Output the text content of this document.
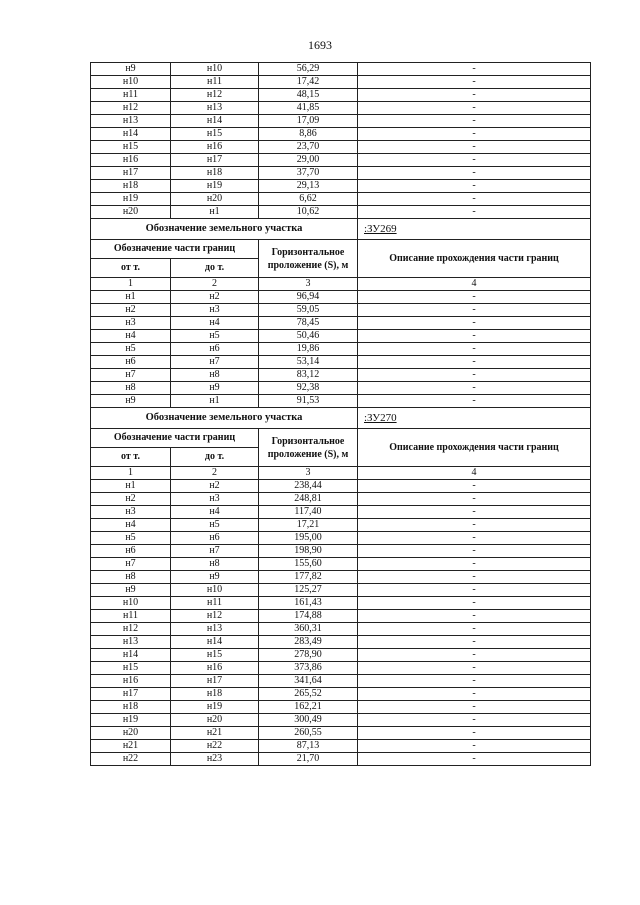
1693
н9	н10	56,29	-
н10	н11	17,42	-
н11	н12	48,15	-
н12	н13	41,85	-
н13	н14	17,09	-
н14	н15	8,86	-
н15	н16	23,70	-
н16	н17	29,00	-
н17	н18	37,70	-
н18	н19	29,13	-
н19	н20	6,62	-
н20	н1	10,62	-
Обозначение земельного участка			:ЗУ269
Обозначение части границ		Горизонтальное проложение (S), м	Описание прохождения части границ
от т.	до т.		
1	2	3	4
н1	н2	96,94	-
н2	н3	59,05	-
н3	н4	78,45	-
н4	н5	50,46	-
н5	н6	19,86	-
н6	н7	53,14	-
н7	н8	83,12	-
н8	н9	92,38	-
н9	н1	91,53	-
Обозначение земельного участка			:ЗУ270
Обозначение части границ		Горизонтальное проложение (S), м	Описание прохождения части границ
от т.	до т.		
1	2	3	4
н1	н2	238,44	-
н2	н3	248,81	-
н3	н4	117,40	-
н4	н5	17,21	-
н5	н6	195,00	-
н6	н7	198,90	-
н7	н8	155,60	-
н8	н9	177,82	-
н9	н10	125,27	-
н10	н11	161,43	-
н11	н12	174,88	-
н12	н13	360,31	-
н13	н14	283,49	-
н14	н15	278,90	-
н15	н16	373,86	-
н16	н17	341,64	-
н17	н18	265,52	-
н18	н19	162,21	-
н19	н20	300,49	-
н20	н21	260,55	-
н21	н22	87,13	-
н22	н23	21,70	-
